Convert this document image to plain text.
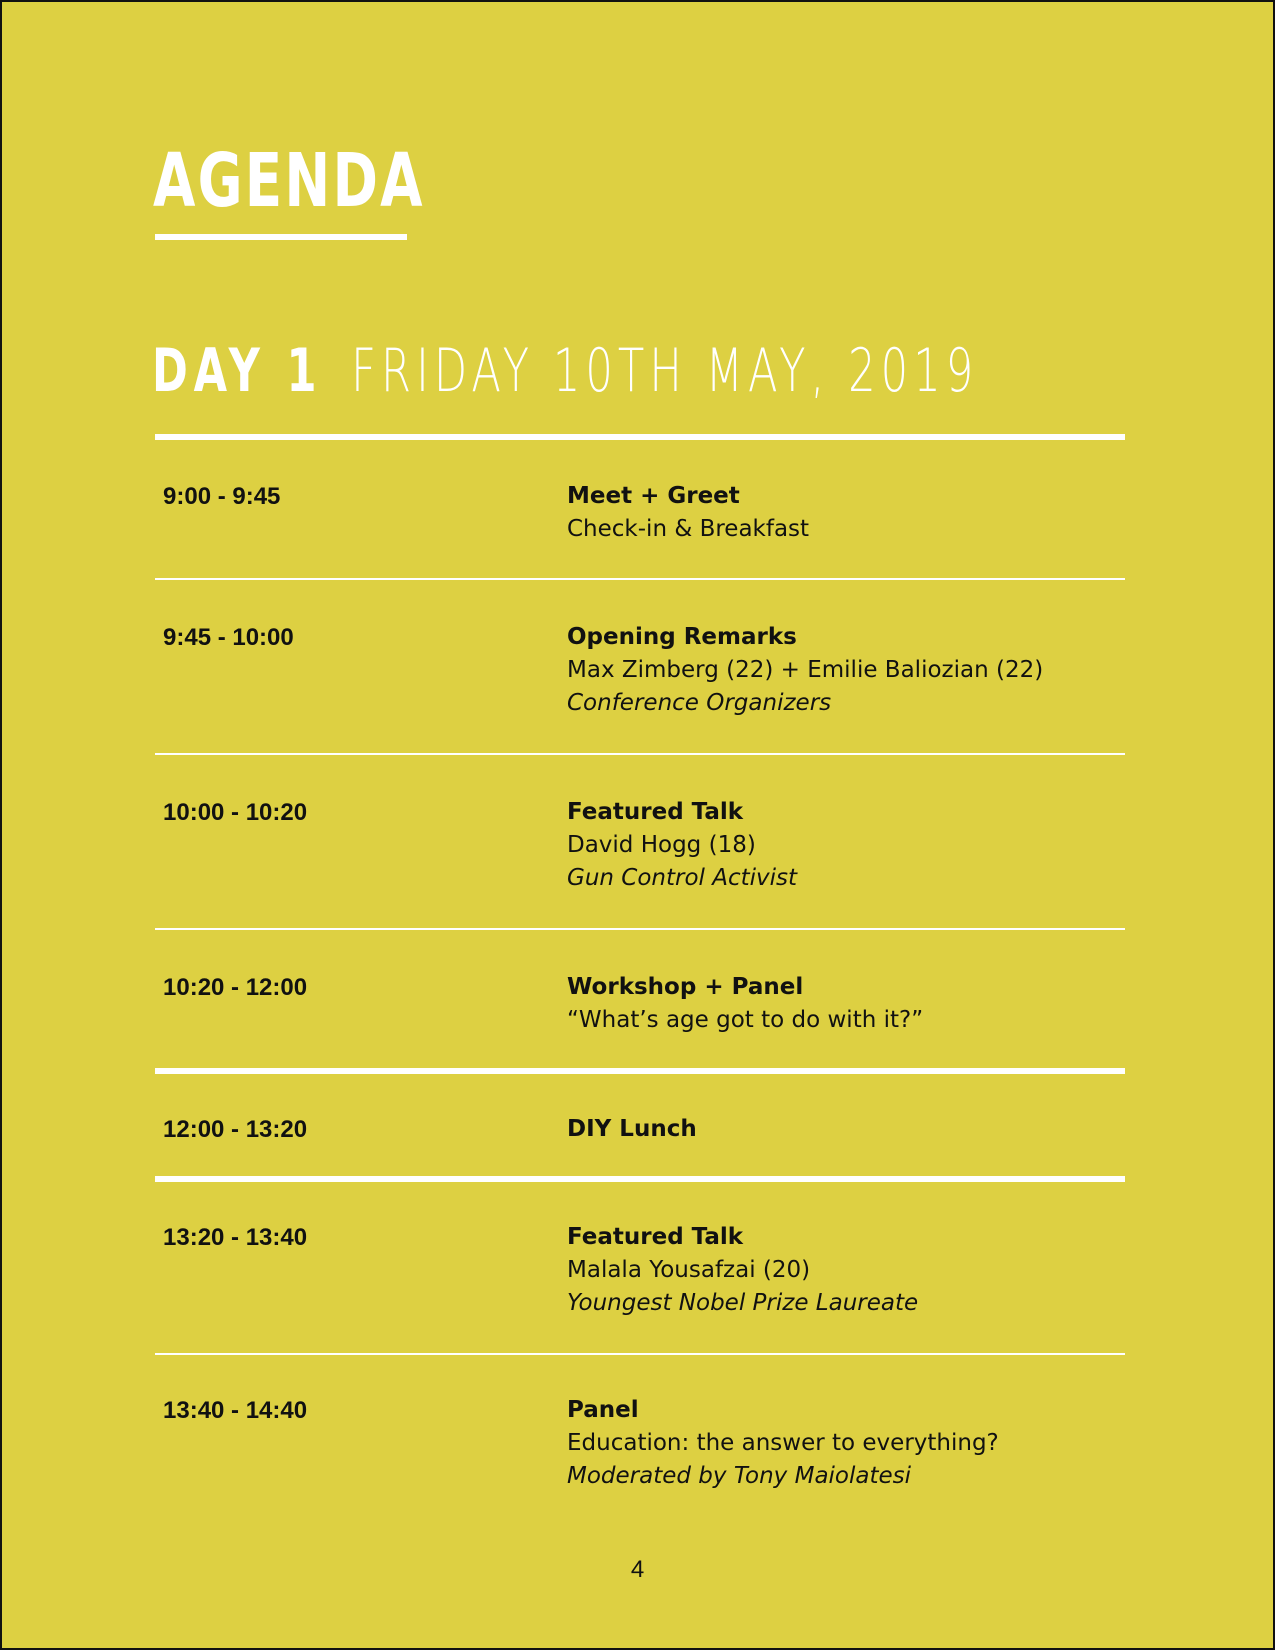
AGENDA
DAY 1 FRIDAY 10TH MAY, 2019
9:00 - 9:45	Meet + Greet
Check-in & Breakfast
9:45 - 10:00	Opening Remarks
Max Zimberg (22) + Emilie Baliozian (22)
Conference Organizers
10:00 - 10:20	Featured Talk
David Hogg (18)
Gun Control Activist
10:20 - 12:00	Workshop + Panel
“What’s age got to do with it?”
12:00 - 13:20	DIY Lunch
13:20 - 13:40	Featured Talk
Malala Yousafzai (20)
Youngest Nobel Prize Laureate
13:40 - 14:40	Panel
Education: the answer to everything?
Moderated by Tony Maiolatesi
4
